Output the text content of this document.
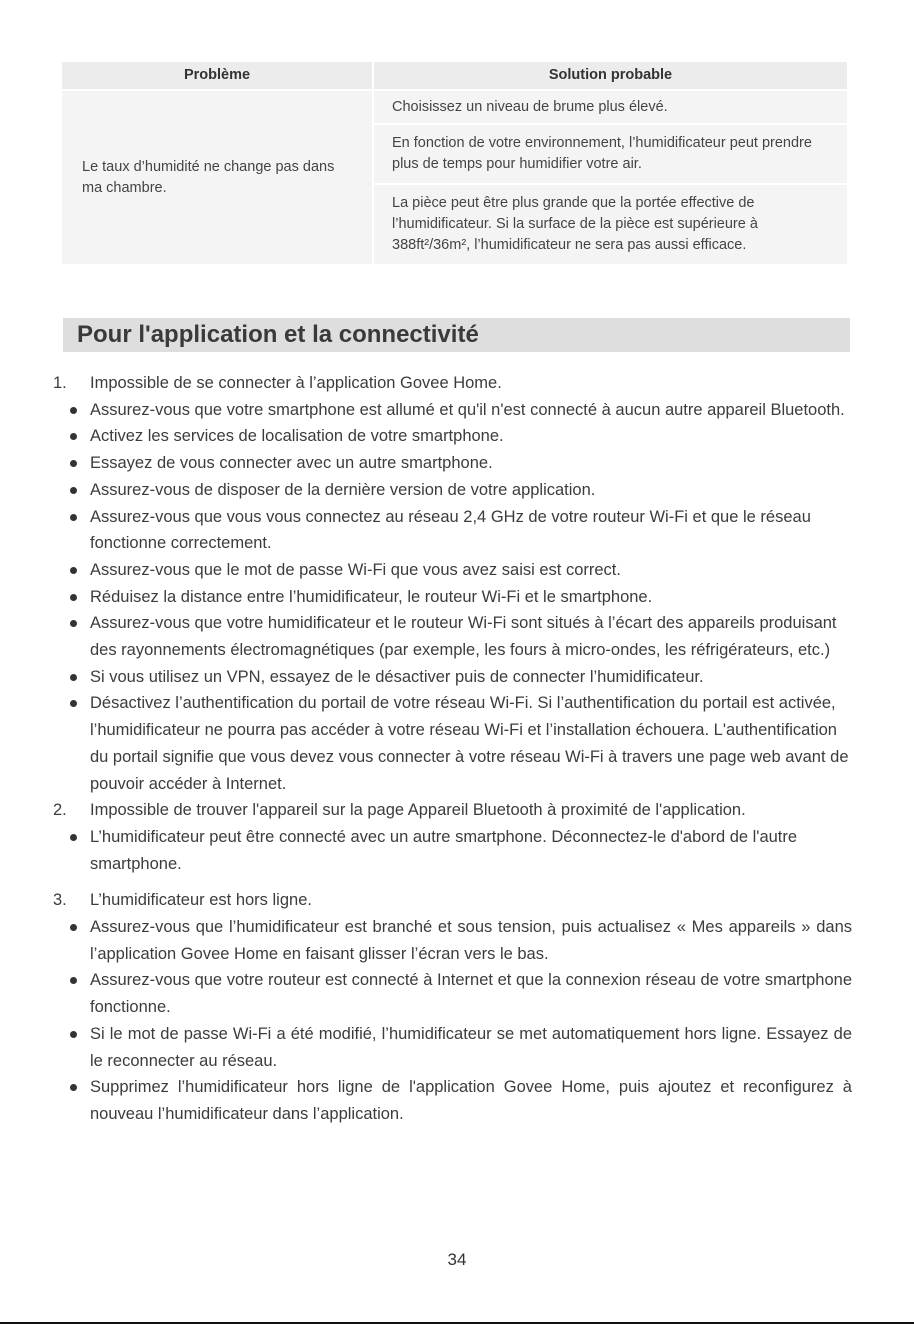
Problème	Solution probable
Le taux d’humidité ne change pas dans ma chambre.	Choisissez un niveau de brume plus élevé.
	En fonction de votre environnement, l’humidificateur peut prendre plus de temps pour humidifier votre air.
	La pièce peut être plus grande que la portée effective de l’humidificateur. Si la surface de la pièce est supérieure à 388ft²/36m², l’humidificateur ne sera pas aussi efficace.
Pour l'application et la connectivité
1. Impossible de se connecter à l’application Govee Home.
Assurez-vous que votre smartphone est allumé et qu'il n'est connecté à aucun autre appareil Bluetooth.
Activez les services de localisation de votre smartphone.
Essayez de vous connecter avec un autre smartphone.
Assurez-vous de disposer de la dernière version de votre application.
Assurez-vous que vous vous connectez au réseau 2,4 GHz de votre routeur Wi-Fi et que le réseau fonctionne correctement.
Assurez-vous que le mot de passe Wi-Fi que vous avez saisi est correct.
Réduisez la distance entre l’humidificateur, le routeur Wi-Fi et le smartphone.
Assurez-vous que votre humidificateur et le routeur Wi-Fi sont situés à l’écart des appareils produisant des rayonnements électromagnétiques (par exemple, les fours à micro-ondes, les réfrigérateurs, etc.)
Si vous utilisez un VPN, essayez de le désactiver puis de connecter l’humidificateur.
Désactivez l’authentification du portail de votre réseau Wi-Fi. Si l’authentification du portail est activée, l’humidificateur ne pourra pas accéder à votre réseau Wi-Fi et l’installation échouera. L'authentification du portail signifie que vous devez vous connecter à votre réseau Wi-Fi à travers une page web avant de pouvoir accéder à Internet.
2. Impossible de trouver l'appareil sur la page Appareil Bluetooth à proximité de l'application.
L’humidificateur peut être connecté avec un autre smartphone. Déconnectez-le d'abord de l'autre smartphone.
3. L’humidificateur est hors ligne.
Assurez-vous que l’humidificateur est branché et sous tension, puis actualisez « Mes appareils » dans l’application Govee Home en faisant glisser l’écran vers le bas.
Assurez-vous que votre routeur est connecté à Internet et que la connexion réseau de votre smartphone fonctionne.
Si le mot de passe Wi-Fi a été modifié, l’humidificateur se met automatiquement hors ligne. Essayez de le reconnecter au réseau.
Supprimez l’humidificateur hors ligne de l'application Govee Home, puis ajoutez et reconfigurez à nouveau l’humidificateur dans l’application.
34
